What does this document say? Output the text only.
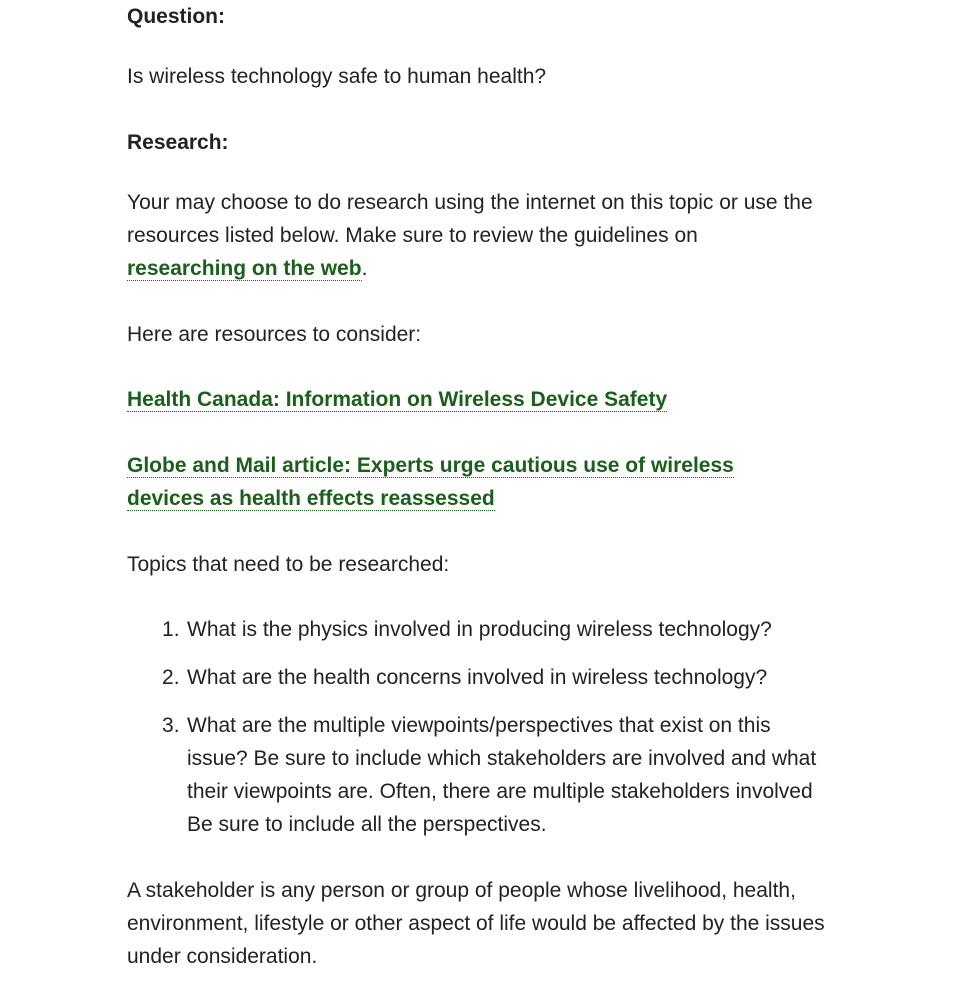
Question:

Is wireless technology safe to human health?

Research:

Your may choose to do research using the internet on this topic or use the resources listed below. Make sure to review the guidelines on researching on the web.

Here are resources to consider:

Health Canada: Information on Wireless Device Safety

Globe and Mail article: Experts urge cautious use of wireless devices as health effects reassessed

Topics that need to be researched:

What is the physics involved in producing wireless technology?
What are the health concerns involved in wireless technology?
What are the multiple viewpoints/perspectives that exist on this issue? Be sure to include which stakeholders are involved and what their viewpoints are. Often, there are multiple stakeholders involved Be sure to include all the perspectives.

A stakeholder is any person or group of people whose livelihood, health, environment, lifestyle or other aspect of life would be affected by the issues under consideration.
